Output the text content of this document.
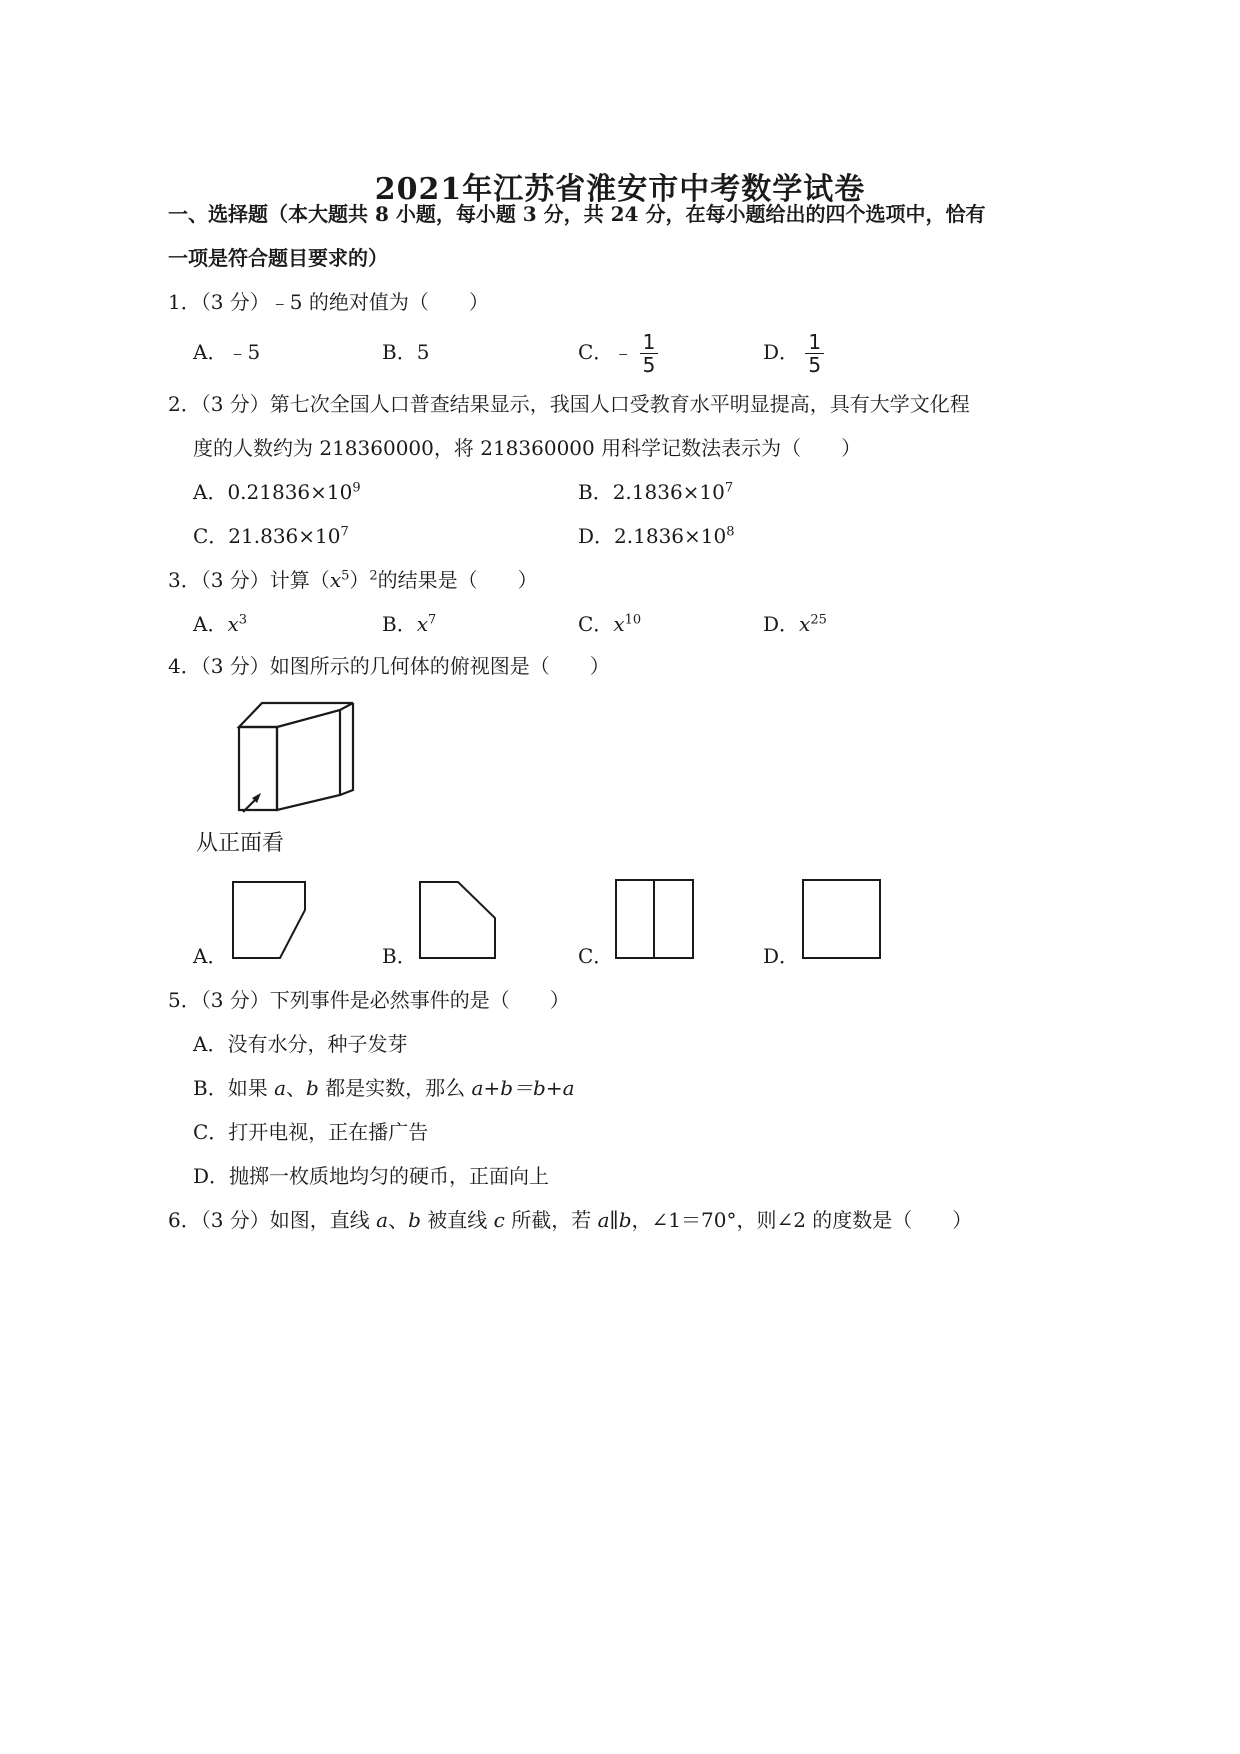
2021年江苏省淮安市中考数学试卷
一、选择题（本大题共 8 小题，每小题 3 分，共 24 分，在每小题给出的四个选项中，恰有
一项是符合题目要求的）
1．（3 分）﹣5 的绝对值为（　　）
A．﹣5	B．5	C．﹣ $\frac{1}{5}$	D． $\frac{1}{5}$
2．（3 分）第七次全国人口普查结果显示，我国人口受教育水平明显提高，具有大学文化程
度的人数约为 218360000，将 218360000 用科学记数法表示为（　　）
A．$0.21836\times 10^9$	B．$2.1836\times 10^7$
C．$21.836\times 10^7$	D．$2.1836\times 10^8$
3．（3 分）计算$(x^5)^2$的结果是（　　）
A．$x^3$	B．$x^7$	C．$x^{10}$	D．$x^{25}$
4．（3 分）如图所示的几何体的俯视图是（　　）
从正面看
A．	B．	C．	D．
5．（3 分）下列事件是必然事件的是（　　）
A．没有水分，种子发芽
B．如果 a、b 都是实数，那么 a+b＝b+a
C．打开电视，正在播广告
D．抛掷一枚质地均匀的硬币，正面向上
6．（3 分）如图，直线 a、b 被直线 c 所截，若 a∥b，∠1＝70°，则∠2 的度数是（　　）
